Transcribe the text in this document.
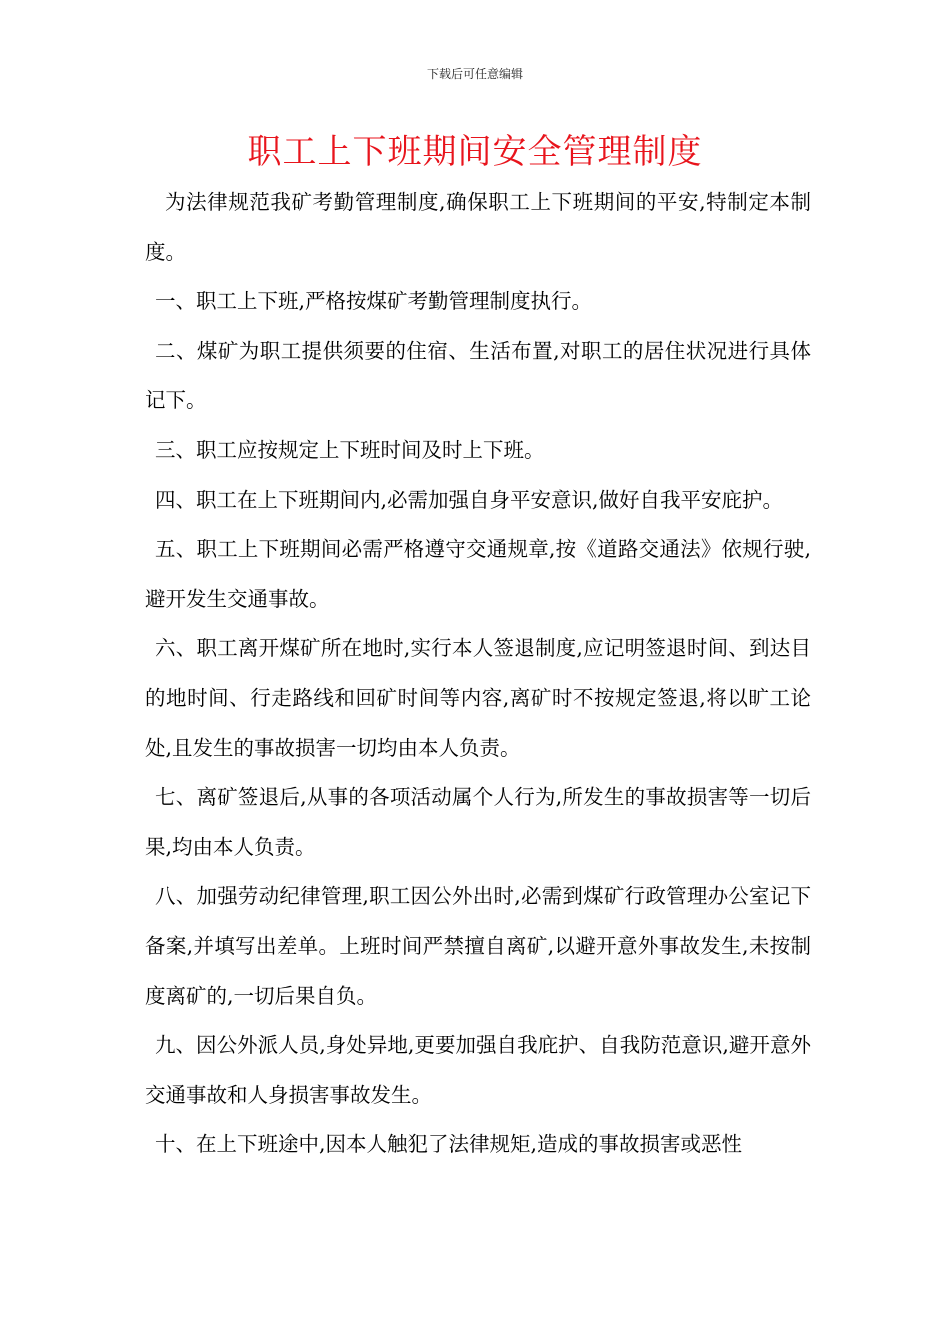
下载后可任意编辑
职工上下班期间安全管理制度

为法律规范我矿考勤管理制度,确保职工上下班期间的平安,特制定本制度。

一、职工上下班,严格按煤矿考勤管理制度执行。

二、煤矿为职工提供须要的住宿、生活布置,对职工的居住状况进行具体记下。

三、职工应按规定上下班时间及时上下班。

四、职工在上下班期间内,必需加强自身平安意识,做好自我平安庇护。

五、职工上下班期间必需严格遵守交通规章,按《道路交通法》依规行驶,避开发生交通事故。

六、职工离开煤矿所在地时,实行本人签退制度,应记明签退时间、到达目的地时间、行走路线和回矿时间等内容,离矿时不按规定签退,将以旷工论处,且发生的事故损害一切均由本人负责。

七、离矿签退后,从事的各项活动属个人行为,所发生的事故损害等一切后果,均由本人负责。

八、加强劳动纪律管理,职工因公外出时,必需到煤矿行政管理办公室记下备案,并填写出差单。上班时间严禁擅自离矿,以避开意外事故发生,未按制度离矿的,一切后果自负。

九、因公外派人员,身处异地,更要加强自我庇护、自我防范意识,避开意外交通事故和人身损害事故发生。

十、在上下班途中,因本人触犯了法律规矩,造成的事故损害或恶性
